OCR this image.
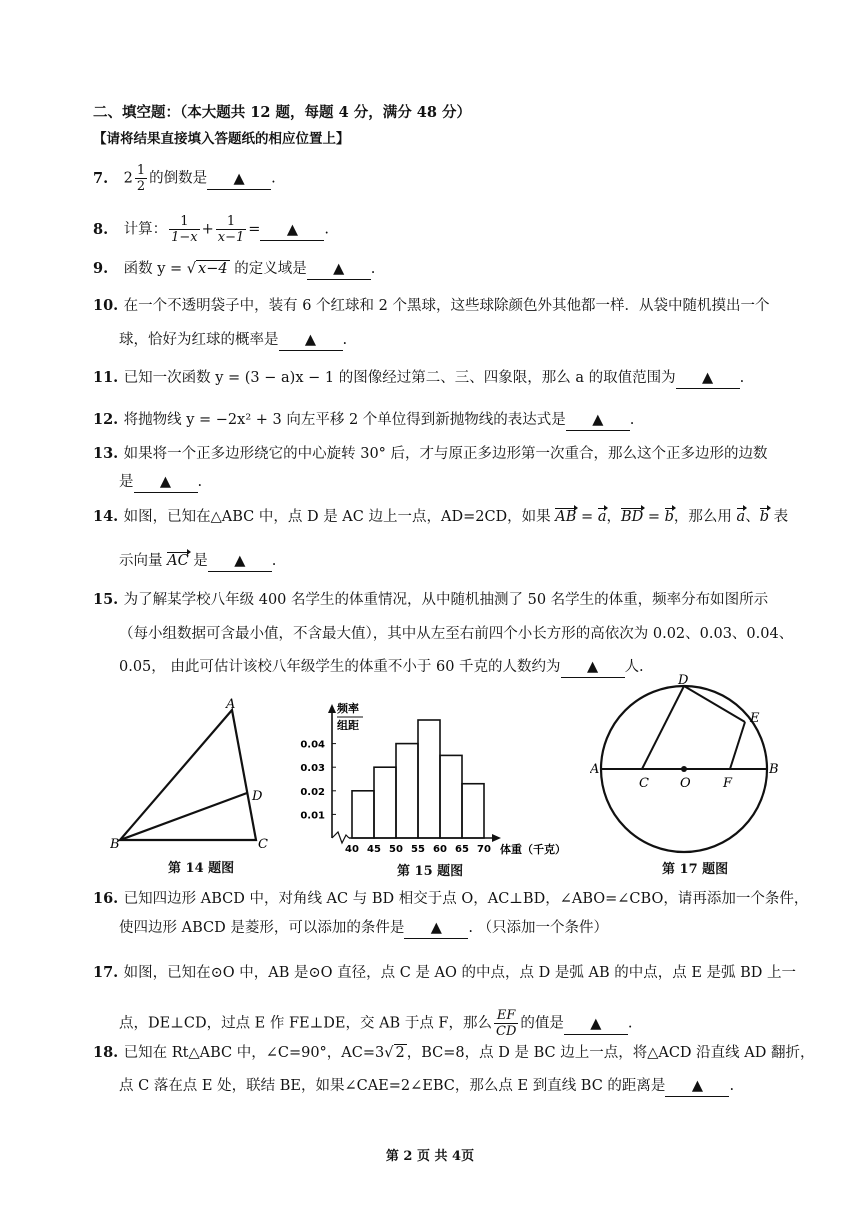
二、填空题：（本大题共 12 题，每题 4 分，满分 48 分）
【请将结果直接填入答题纸的相应位置上】
7. $2 \frac{1}{2}$ 的倒数是 ▲ .
8. 计算： $\frac{1}{1-x} + \frac{1}{x-1}$ = ▲ .
9. 函数 y = √ x−4 的定义域是 ▲ .
10. 在一个不透明袋子中，装有 6 个红球和 2 个黑球，这些球除颜色外其他都一样．从袋中随机摸出一个
球，恰好为红球的概率是 ▲ .
11. 已知一次函数 y = (3 − a)x − 1 的图像经过第二、三、四象限，那么 a 的取值范围为 ▲ .
12. 将抛物线 y = −2x² + 3 向左平移 2 个单位得到新抛物线的表达式是 ▲ .
13. 如果将一个正多边形绕它的中心旋转 30° 后，才与原正多边形第一次重合，那么这个正多边形的边数
是 ▲ .
14. 如图，已知在△ABC 中，点 D 是 AC 边上一点，AD=2CD，如果 AB = a，BD = b，那么用 a、b 表
示向量 AC 是 ▲ .
15. 为了解某学校八年级 400 名学生的体重情况，从中随机抽测了 50 名学生的体重，频率分布如图所示
（每小组数据可含最小值，不含最大值），其中从左至右前四个小长方形的高依次为 0.02、0.03、0.04、
0.05， 由此可估计该校八年级学生的体重不小于 60 千克的人数约为 ▲ 人.
A
B	C
D
第 14 题图
频率
组距
0.04
0.03
0.02
0.01
40 45 50 55 60 65 70 体重（千克）
第 15 题图
A	B
C O F
D
E
第 17 题图
16. 已知四边形 ABCD 中，对角线 AC 与 BD 相交于点 O，AC⊥BD，∠ABO=∠CBO，请再添加一个条件，
使四边形 ABCD 是菱形，可以添加的条件是 ▲ . （只添加一个条件）
17. 如图，已知在⊙O 中，AB 是⊙O 直径，点 C 是 AO 的中点，点 D 是弧 AB 的中点，点 E 是弧 BD 上一
点，DE⊥CD，过点 E 作 FE⊥DE，交 AB 于点 F，那么 $\frac{EF}{CD}$ 的值是 ▲ .
18. 已知在 Rt△ABC 中，∠C=90°，AC=3√ 2 ，BC=8，点 D 是 BC 边上一点，将△ACD 沿直线 AD 翻折，
点 C 落在点 E 处，联结 BE，如果∠CAE=2∠EBC，那么点 E 到直线 BC 的距离是 ▲ .
第 2 页 共 4页
